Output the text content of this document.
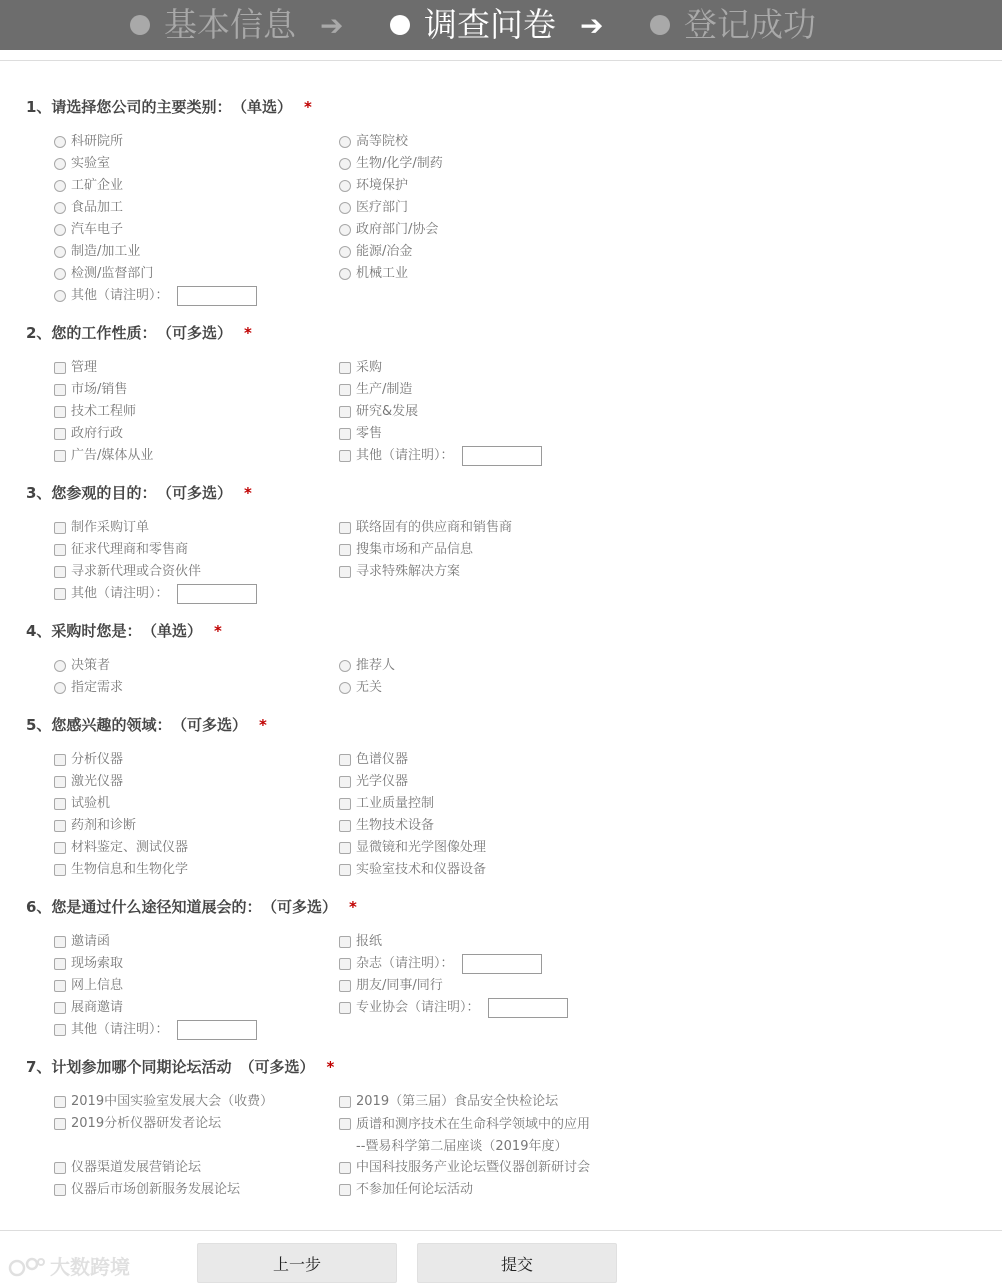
基本信息 ➔ 调查问卷 ➔ 登记成功
1、请选择您公司的主要类别： （单选） *
科研院所	高等院校
实验室	生物/化学/制药
工矿企业	环境保护
食品加工	医疗部门
汽车电子	政府部门/协会
制造/加工业	能源/冶金
检测/监督部门	机械工业
其他（请注明）：
2、您的工作性质： （可多选） *
管理	采购
市场/销售	生产/制造
技术工程师	研究&发展
政府行政	零售
广告/媒体从业	其他（请注明）：
3、您参观的目的： （可多选） *
制作采购订单	联络固有的供应商和销售商
征求代理商和零售商	搜集市场和产品信息
寻求新代理或合资伙伴	寻求特殊解决方案
其他（请注明）：
4、采购时您是： （单选） *
决策者	推荐人
指定需求	无关
5、您感兴趣的领域： （可多选） *
分析仪器	色谱仪器
激光仪器	光学仪器
试验机	工业质量控制
药剂和诊断	生物技术设备
材料鉴定、测试仪器	显微镜和光学图像处理
生物信息和生物化学	实验室技术和仪器设备
6、您是通过什么途径知道展会的： （可多选） *
邀请函	报纸
现场索取	杂志（请注明）：
网上信息	朋友/同事/同行
展商邀请	专业协会（请注明）：
其他（请注明）：
7、计划参加哪个同期论坛活动 （可多选） *
2019中国实验室发展大会（收费）	2019（第三届）食品安全快检论坛
2019分析仪器研发者论坛	质谱和测序技术在生命科学领域中的应用
--暨易科学第二届座谈（2019年度）
仪器渠道发展营销论坛	中国科技服务产业论坛暨仪器创新研讨会
仪器后市场创新服务发展论坛	不参加任何论坛活动
大数跨境	上一步	提交
